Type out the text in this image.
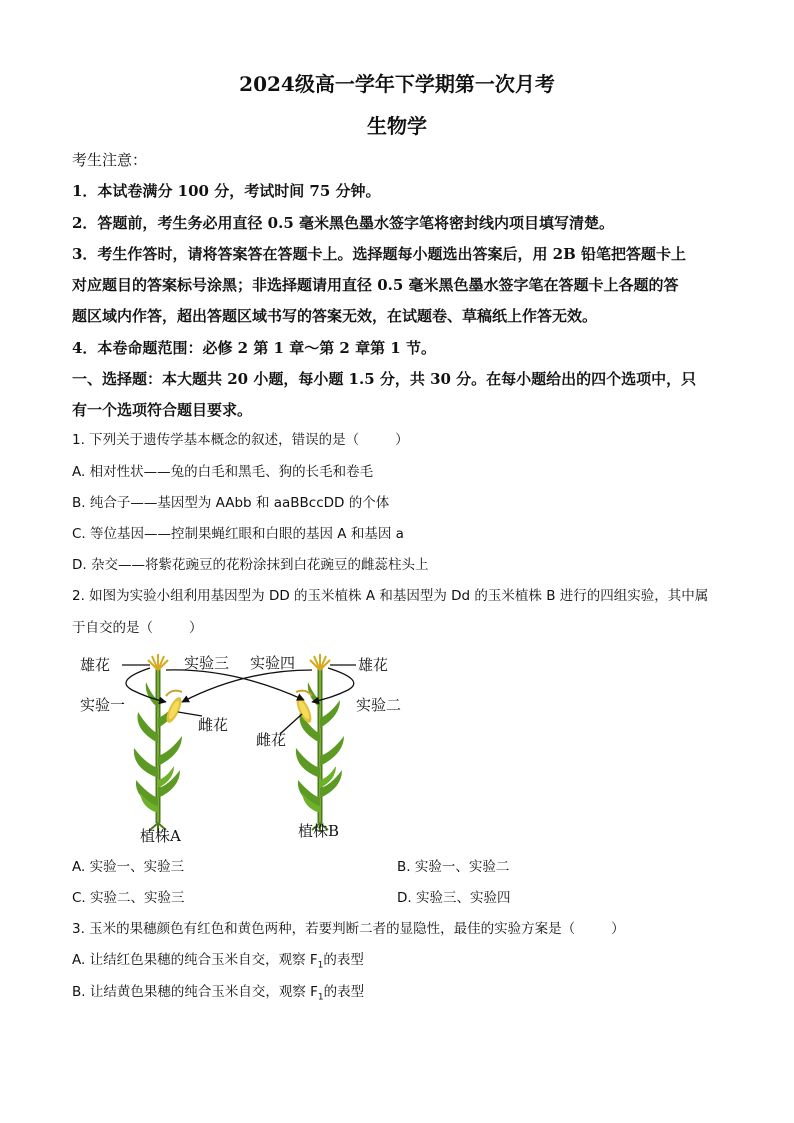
2024级高一学年下学期第一次月考
生物学
考生注意：
1．本试卷满分 100 分，考试时间 75 分钟。
2．答题前，考生务必用直径 0.5 毫米黑色墨水签字笔将密封线内项目填写清楚。
3．考生作答时，请将答案答在答题卡上。选择题每小题选出答案后，用 2B 铅笔把答题卡上
对应题目的答案标号涂黑；非选择题请用直径 0.5 毫米黑色墨水签字笔在答题卡上各题的答
题区域内作答，超出答题区域书写的答案无效，在试题卷、草稿纸上作答无效。
4．本卷命题范围：必修 2 第 1 章～第 2 章第 1 节。
一、选择题：本大题共 20 小题，每小题 1.5 分，共 30 分。在每小题给出的四个选项中，只
有一个选项符合题目要求。
1. 下列关于遗传学基本概念的叙述，错误的是（	）
A. 相对性状——兔的白毛和黑毛、狗的长毛和卷毛
B. 纯合子——基因型为 AAbb 和 aaBBccDD 的个体
C. 等位基因——控制果蝇红眼和白眼的基因 A 和基因 a
D. 杂交——将紫花豌豆的花粉涂抹到白花豌豆的雌蕊柱头上
2. 如图为实验小组利用基因型为 DD 的玉米植株 A 和基因型为 Dd 的玉米植株 B 进行的四组实验，其中属
于自交的是（	）
雄花	实验三 实验四	雄花
实验一	实验二
雌花
雌花
植株A	植株B
A. 实验一、实验三	B. 实验一、实验二
C. 实验二、实验三	D. 实验三、实验四
3. 玉米的果穗颜色有红色和黄色两种，若要判断二者的显隐性，最佳的实验方案是（	）
A. 让结红色果穗的纯合玉米自交，观察 $F_1$的表型
B. 让结黄色果穗的纯合玉米自交，观察 $F_1$的表型
